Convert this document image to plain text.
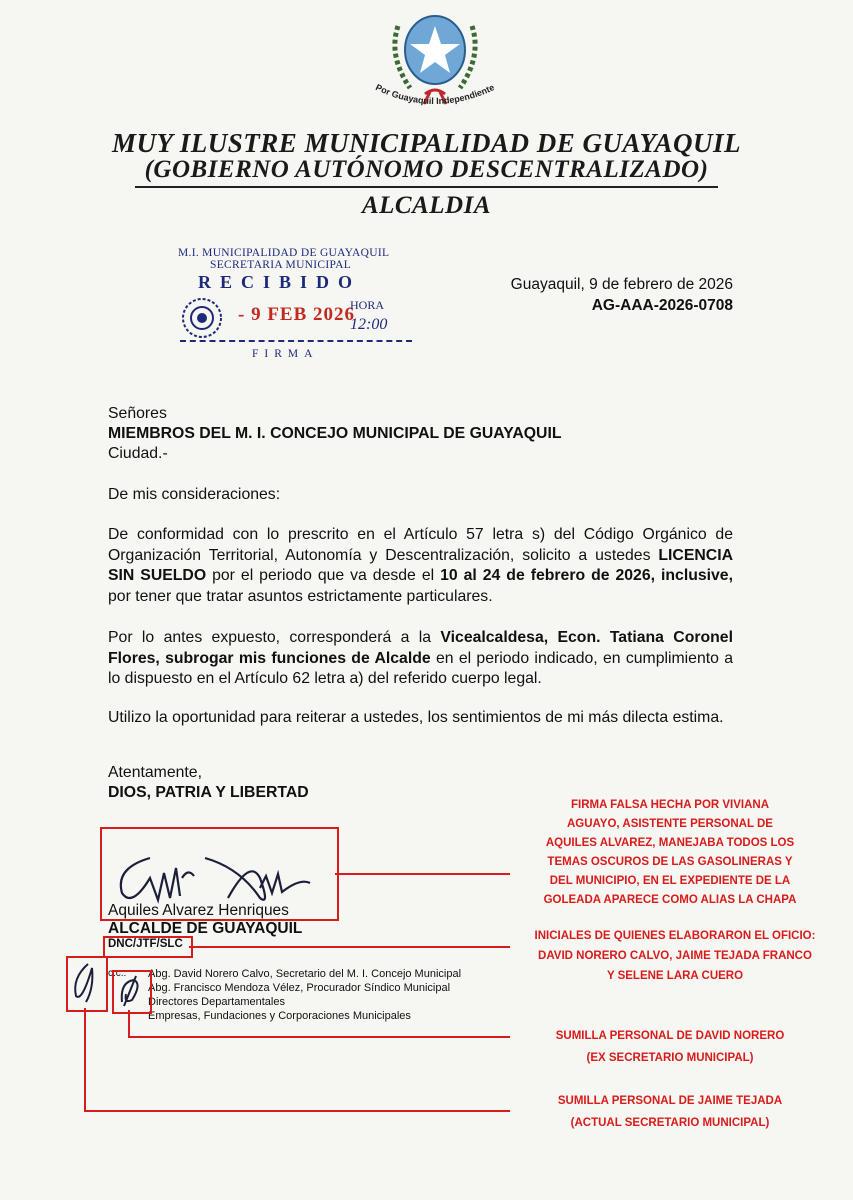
Por Guayaquil Independiente
MUY ILUSTRE MUNICIPALIDAD DE GUAYAQUIL
(GOBIERNO AUTÓNOMO DESCENTRALIZADO)
ALCALDIA
M.I. MUNICIPALIDAD DE GUAYAQUIL
SECRETARIA MUNICIPAL
RECIBIDO
- 9 FEB 2026
HORA
12:00
FIRMA
Guayaquil, 9 de febrero de 2026
AG-AAA-2026-0708
Señores
MIEMBROS DEL M. I. CONCEJO MUNICIPAL DE GUAYAQUIL
Ciudad.-
De mis consideraciones:
De conformidad con lo prescrito en el Artículo 57 letra s) del Código Orgánico de Organización Territorial, Autonomía y Descentralización, solicito a ustedes LICENCIA SIN SUELDO por el periodo que va desde el 10 al 24 de febrero de 2026, inclusive, por tener que tratar asuntos estrictamente particulares.
Por lo antes expuesto, corresponderá a la Vicealcaldesa, Econ. Tatiana Coronel Flores, subrogar mis funciones de Alcalde en el periodo indicado, en cumplimiento a lo dispuesto en el Artículo 62 letra a) del referido cuerpo legal.
Utilizo la oportunidad para reiterar a ustedes, los sentimientos de mi más dilecta estima.
Atentamente,
DIOS, PATRIA Y LIBERTAD
Aquiles Alvarez Henriques
ALCALDE DE GUAYAQUIL
DNC/JTF/SLC
c.c.: Abg. David Norero Calvo, Secretario del M. I. Concejo Municipal
Abg. Francisco Mendoza Vélez, Procurador Síndico Municipal
Directores Departamentales
Empresas, Fundaciones y Corporaciones Municipales
FIRMA FALSA HECHA POR VIVIANA
AGUAYO, ASISTENTE PERSONAL DE
AQUILES ALVAREZ, MANEJABA TODOS LOS
TEMAS OSCUROS DE LAS GASOLINERAS Y
DEL MUNICIPIO, EN EL EXPEDIENTE DE LA
GOLEADA APARECE COMO ALIAS LA CHAPA
INICIALES DE QUIENES ELABORARON EL OFICIO:
DAVID NORERO CALVO, JAIME TEJADA FRANCO
Y SELENE LARA CUERO
SUMILLA PERSONAL DE DAVID NORERO
(EX SECRETARIO MUNICIPAL)
SUMILLA PERSONAL DE JAIME TEJADA
(ACTUAL SECRETARIO MUNICIPAL)
